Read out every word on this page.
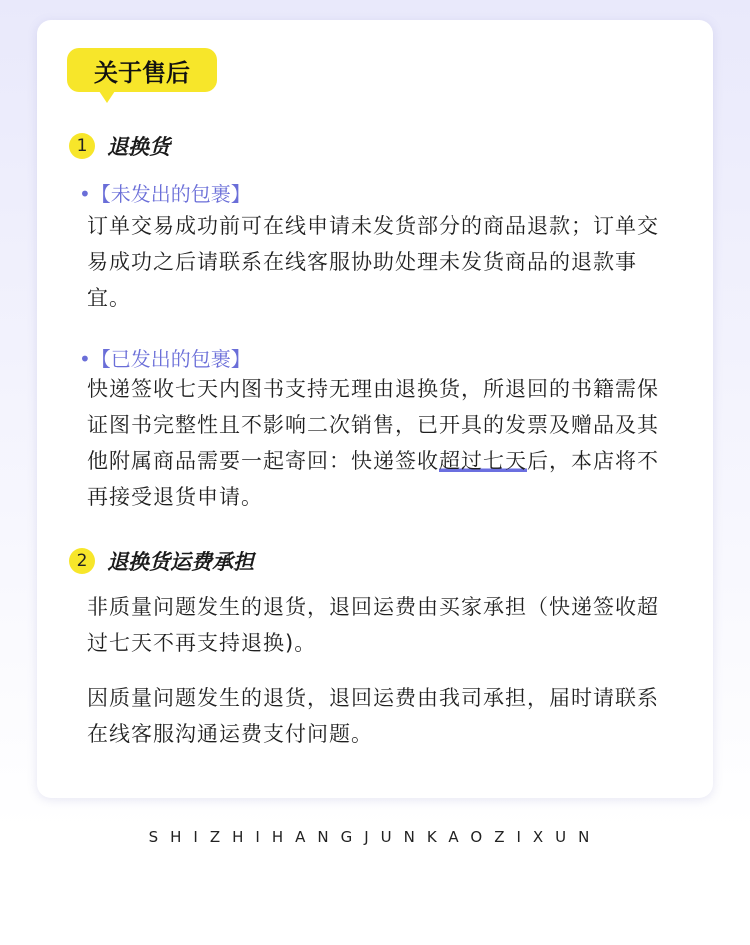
关于售后
1 退换货
•【未发出的包裹】
订单交易成功前可在线申请未发货部分的商品退款；订单交易成功之后请联系在线客服协助处理未发货商品的退款事宜。
•【已发出的包裹】
快递签收七天内图书支持无理由退换货，所退回的书籍需保证图书完整性且不影响二次销售，已开具的发票及赠品及其他附属商品需要一起寄回：快递签收超过七天后，本店将不再接受退货申请。
2 退换货运费承担
非质量问题发生的退货，退回运费由买家承担（快递签收超过七天不再支持退换)。
因质量问题发生的退货，退回运费由我司承担，届时请联系在线客服沟通运费支付问题。
SHIZHIHANGJUNKAOZIXUN
